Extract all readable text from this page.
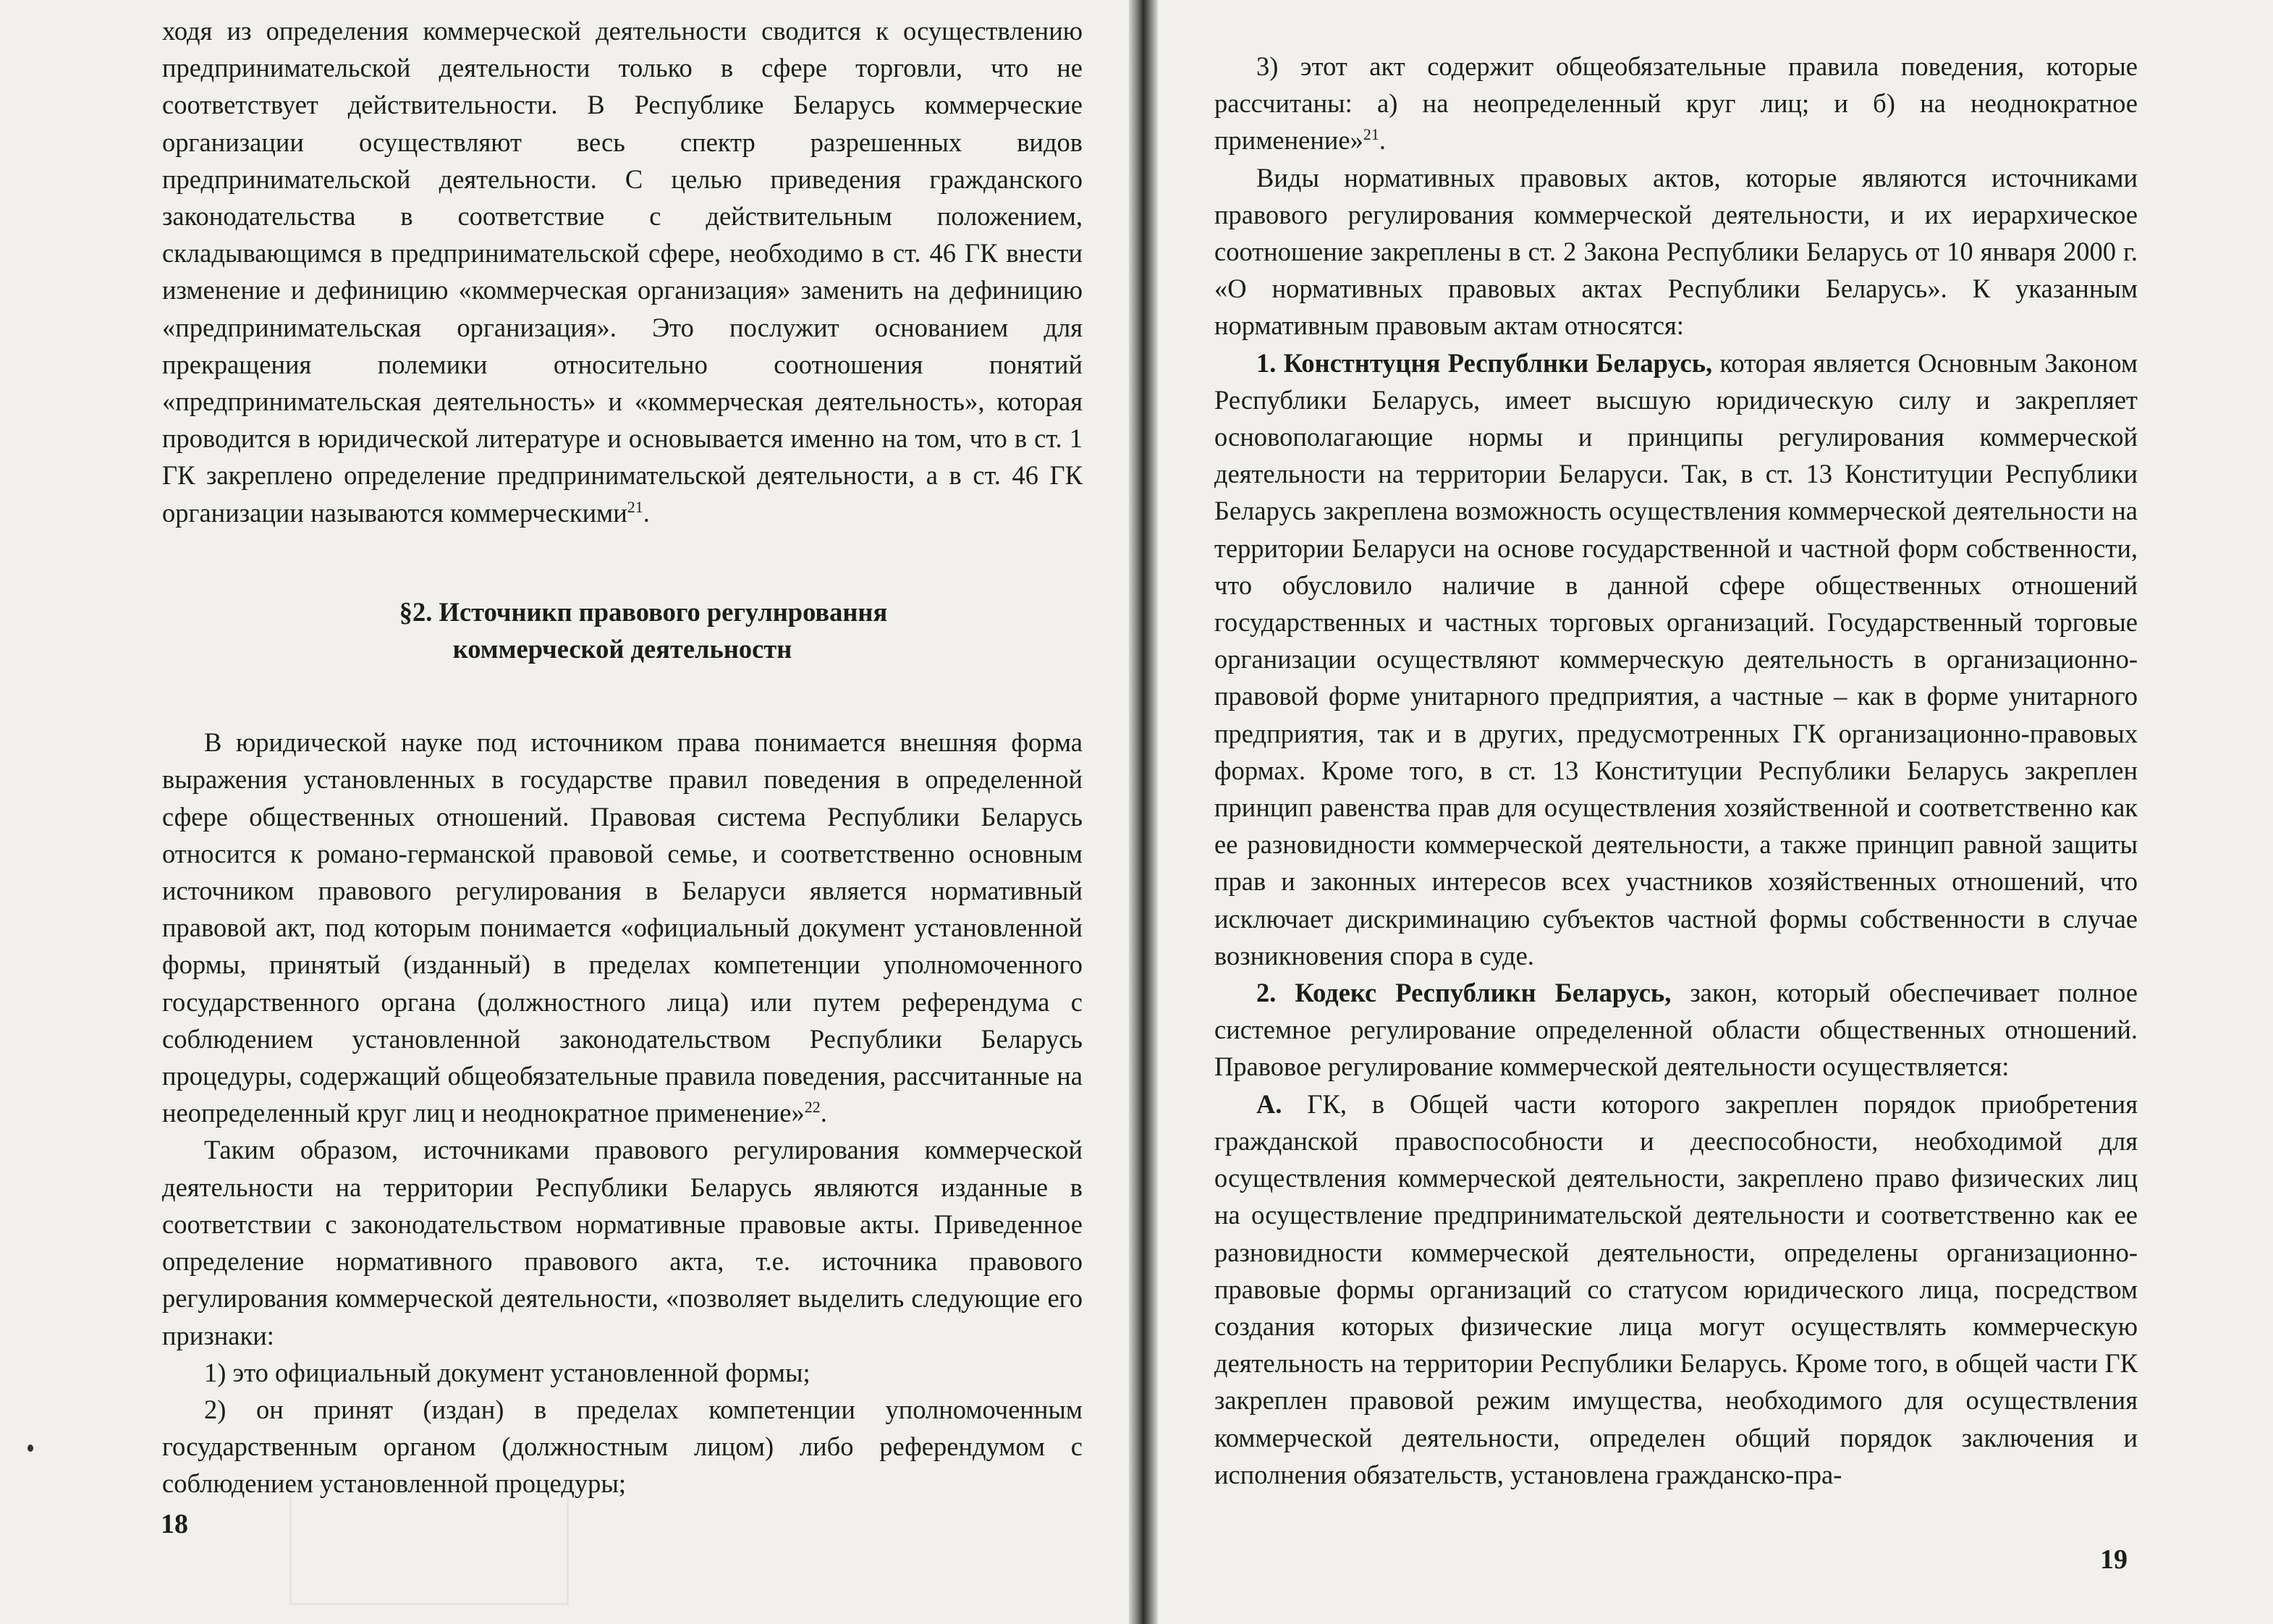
ходя из определения коммерческой деятельности сводится к осуществлению предпринимательской деятельности только в сфере торговли, что не соответствует действительности. В Республике Беларусь коммерческие организации осуществляют весь спектр разрешенных видов предпринимательской деятельности. С целью приведения гражданского законодательства в соответствие с действительным положением, складывающимся в предпринимательской сфере, необходимо в ст. 46 ГК внести изменение и дефиницию «коммерческая организация» заменить на дефиницию «предпринимательская организация». Это послужит основанием для прекращения полемики относительно соотношения понятий «предпринимательская деятельность» и «коммерческая деятельность», которая проводится в юридической литературе и основывается именно на том, что в ст. 1 ГК закреплено определение предпринимательской деятельности, а в ст. 46 ГК организации называются коммерческими$^{21}$.

§2. Источникп правового регулнровання
коммерческой деятельностн

В юридической науке под источником права понимается внешняя форма выражения установленных в государстве правил поведения в определенной сфере общественных отношений. Правовая система Республики Беларусь относится к романо-германской правовой семье, и соответственно основным источником правового регулирования в Беларуси является нормативный правовой акт, под которым понимается «официальный документ установленной формы, принятый (изданный) в пределах компетенции уполномоченного государственного органа (должностного лица) или путем референдума с соблюдением установленной законодательством Республики Беларусь процедуры, содержащий общеобязательные правила поведения, рассчитанные на неопределенный круг лиц и неоднократное применение»$^{22}$.

Таким образом, источниками правового регулирования коммерческой деятельности на территории Республики Беларусь являются изданные в соответствии с законодательством нормативные правовые акты. Приведенное определение нормативного правового акта, т.е. источника правового регулирования коммерческой деятельности, «позволяет выделить следующие его признаки:

1) это официальный документ установленной формы;

2) он принят (издан) в пределах компетенции уполномоченным государственным органом (должностным лицом) либо референдумом с соблюдением установленной процедуры;

18

3) этот акт содержит общеобязательные правила поведения, которые рассчитаны: а) на неопределенный круг лиц; и б) на неоднократное применение»$^{21}$.

Виды нормативных правовых актов, которые являются источниками правового регулирования коммерческой деятельности, и их иерархическое соотношение закреплены в ст. 2 Закона Республики Беларусь от 10 января 2000 г. «О нормативных правовых актах Республики Беларусь». К указанным нормативным правовым актам относятся:

1. Констнтуцня Республнки Беларусь, которая является Основным Законом Республики Беларусь, имеет высшую юридическую силу и закрепляет основополагающие нормы и принципы регулирования коммерческой деятельности на территории Беларуси. Так, в ст. 13 Конституции Республики Беларусь закреплена возможность осуществления коммерческой деятельности на территории Беларуси на основе государственной и частной форм собственности, что обусловило наличие в данной сфере общественных отношений государственных и частных торговых организаций. Государственный торговые организации осуществляют коммерческую деятельность в организационно-правовой форме унитарного предприятия, а частные – как в форме унитарного предприятия, так и в других, предусмотренных ГК организационно-правовых формах. Кроме того, в ст. 13 Конституции Республики Беларусь закреплен принцип равенства прав для осуществления хозяйственной и соответственно как ее разновидности коммерческой деятельности, а также принцип равной защиты прав и законных интересов всех участников хозяйственных отношений, что исключает дискриминацию субъектов частной формы собственности в случае возникновения спора в суде.

2. Кодекс Республикн Беларусь, закон, который обеспечивает полное системное регулирование определенной области общественных отношений. Правовое регулирование коммерческой деятельности осуществляется:

А. ГК, в Общей части которого закреплен порядок приобретения гражданской правоспособности и дееспособности, необходимой для осуществления коммерческой деятельности, закреплено право физических лиц на осуществление предпринимательской деятельности и соответственно как ее разновидности коммерческой деятельности, определены организационно-правовые формы организаций со статусом юридического лица, посредством создания которых физические лица могут осуществлять коммерческую деятельность на территории Республики Беларусь. Кроме того, в общей части ГК закреплен правовой режим имущества, необходимого для осуществления коммерческой деятельности, определен общий порядок заключения и исполнения обязательств, установлена гражданско-пра-

19
